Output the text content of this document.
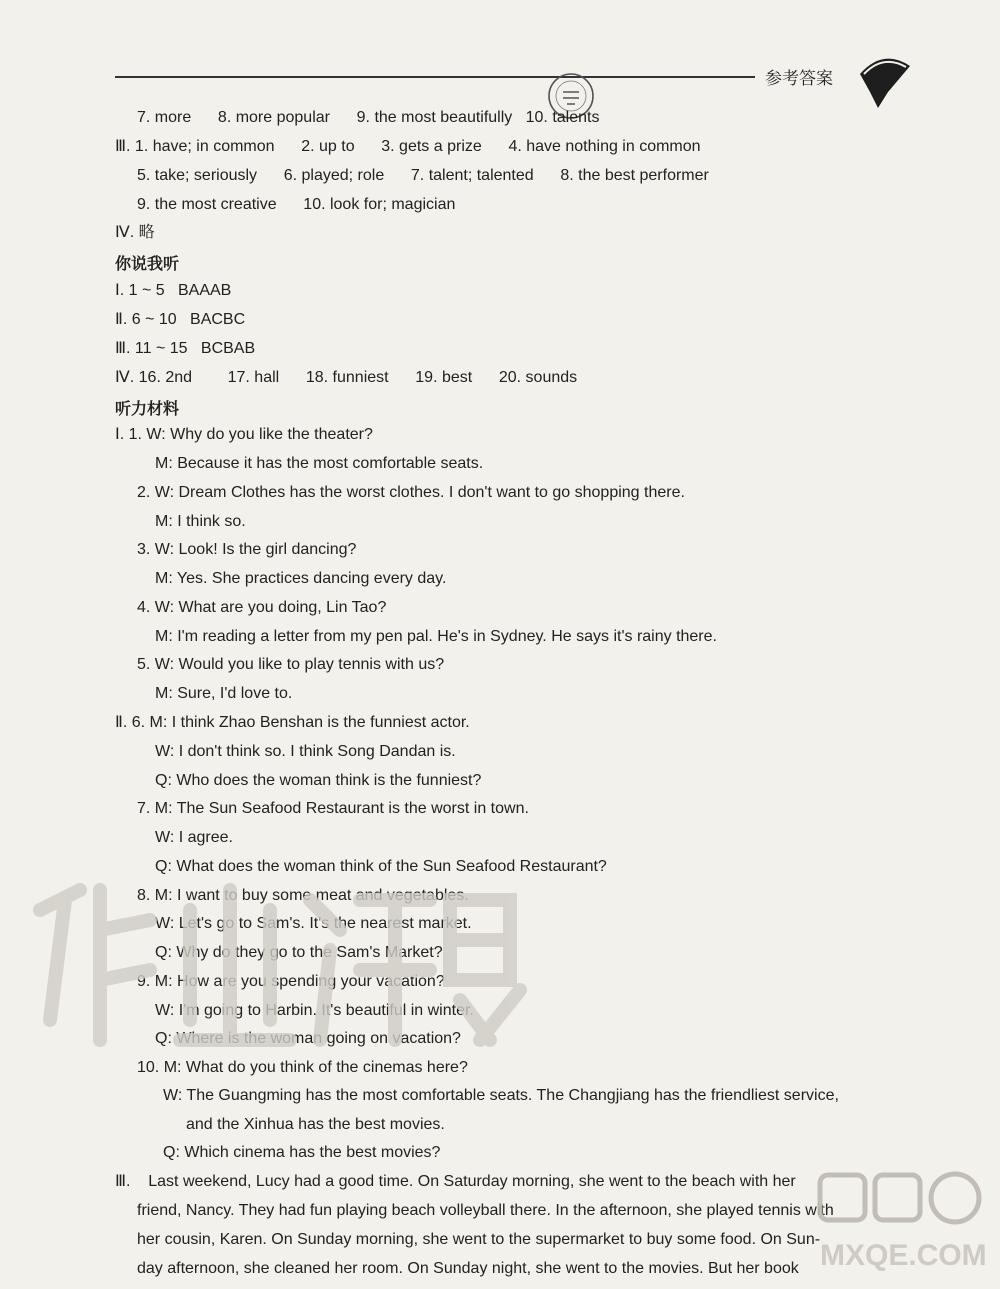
参考答案
7. more      8. more popular      9. the most beautifully   10. talents
Ⅲ. 1. have; in common      2. up to      3. gets a prize      4. have nothing in common
5. take; seriously      6. played; role      7. talent; talented      8. the best performer
9. the most creative      10. look for; magician
Ⅳ. 略
Ⅰ. 1 ~ 5   BAAAB
Ⅱ. 6 ~ 10   BACBC
Ⅲ. 11 ~ 15   BCBAB
Ⅳ. 16. 2nd        17. hall      18. funniest      19. best      20. sounds
Ⅰ. 1. W: Why do you like the theater?
M: Because it has the most comfortable seats.
2. W: Dream Clothes has the worst clothes. I don't want to go shopping there.
M: I think so.
3. W: Look! Is the girl dancing?
M: Yes. She practices dancing every day.
4. W: What are you doing, Lin Tao?
M: I'm reading a letter from my pen pal. He's in Sydney. He says it's rainy there.
5. W: Would you like to play tennis with us?
M: Sure, I'd love to.
Ⅱ. 6. M: I think Zhao Benshan is the funniest actor.
W: I don't think so. I think Song Dandan is.
Q: Who does the woman think is the funniest?
7. M: The Sun Seafood Restaurant is the worst in town.
W: I agree.
Q: What does the woman think of the Sun Seafood Restaurant?
8. M: I want to buy some meat and vegetables.
W: Let's go to Sam's. It's the nearest market.
Q: Why do they go to the Sam's Market?
9. M: How are you spending your vacation?
W: I'm going to Harbin. It's beautiful in winter.
Q: Where is the woman going on vacation?
10. M: What do you think of the cinemas here?
W: The Guangming has the most comfortable seats. The Changjiang has the friendliest service,
and the Xinhua has the best movies.
Q: Which cinema has the best movies?
Ⅲ.    Last weekend, Lucy had a good time. On Saturday morning, she went to the beach with her
friend, Nancy. They had fun playing beach volleyball there. In the afternoon, she played tennis with
her cousin, Karen. On Sunday morning, she went to the supermarket to buy some food. On Sun-
day afternoon, she cleaned her room. On Sunday night, she went to the movies. But her book
你说我听
听力材料
MXQE.COM
